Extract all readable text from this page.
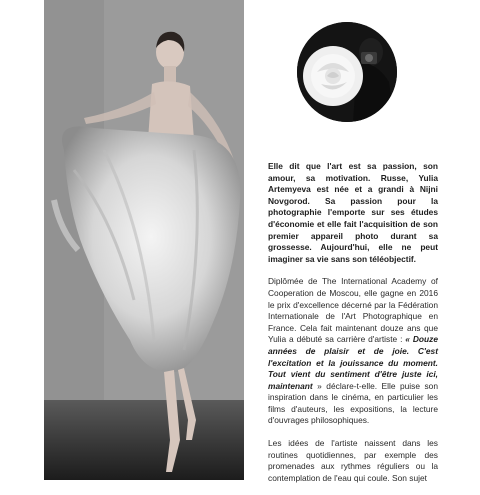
Elle dit que l'art est sa passion, son amour, sa motivation. Russe, Yulia Artemyeva est née et a grandi à Nijni Novgorod. Sa passion pour la photographie l'emporte sur ses études d'économie et elle fait l'acquisition de son premier appareil photo durant sa grossesse. Aujourd'hui, elle ne peut imaginer sa vie sans son téléobjectif.

Diplômée de The International Academy of Cooperation de Moscou, elle gagne en 2016 le prix d'excellence décerné par la Fédération Internationale de l'Art Photographique en France. Cela fait maintenant douze ans que Yulia a débuté sa carrière d'artiste : « Douze années de plaisir et de joie. C'est l'excitation et la jouissance du moment. Tout vient du sentiment d'être juste ici, maintenant » déclare-t-elle. Elle puise son inspiration dans le cinéma, en particulier les films d'auteurs, les expositions, la lecture d'ouvrages philosophiques.

Les idées de l'artiste naissent dans les routines quotidiennes, par exemple des promenades aux rythmes réguliers ou la contemplation de l'eau qui coule. Son sujet
